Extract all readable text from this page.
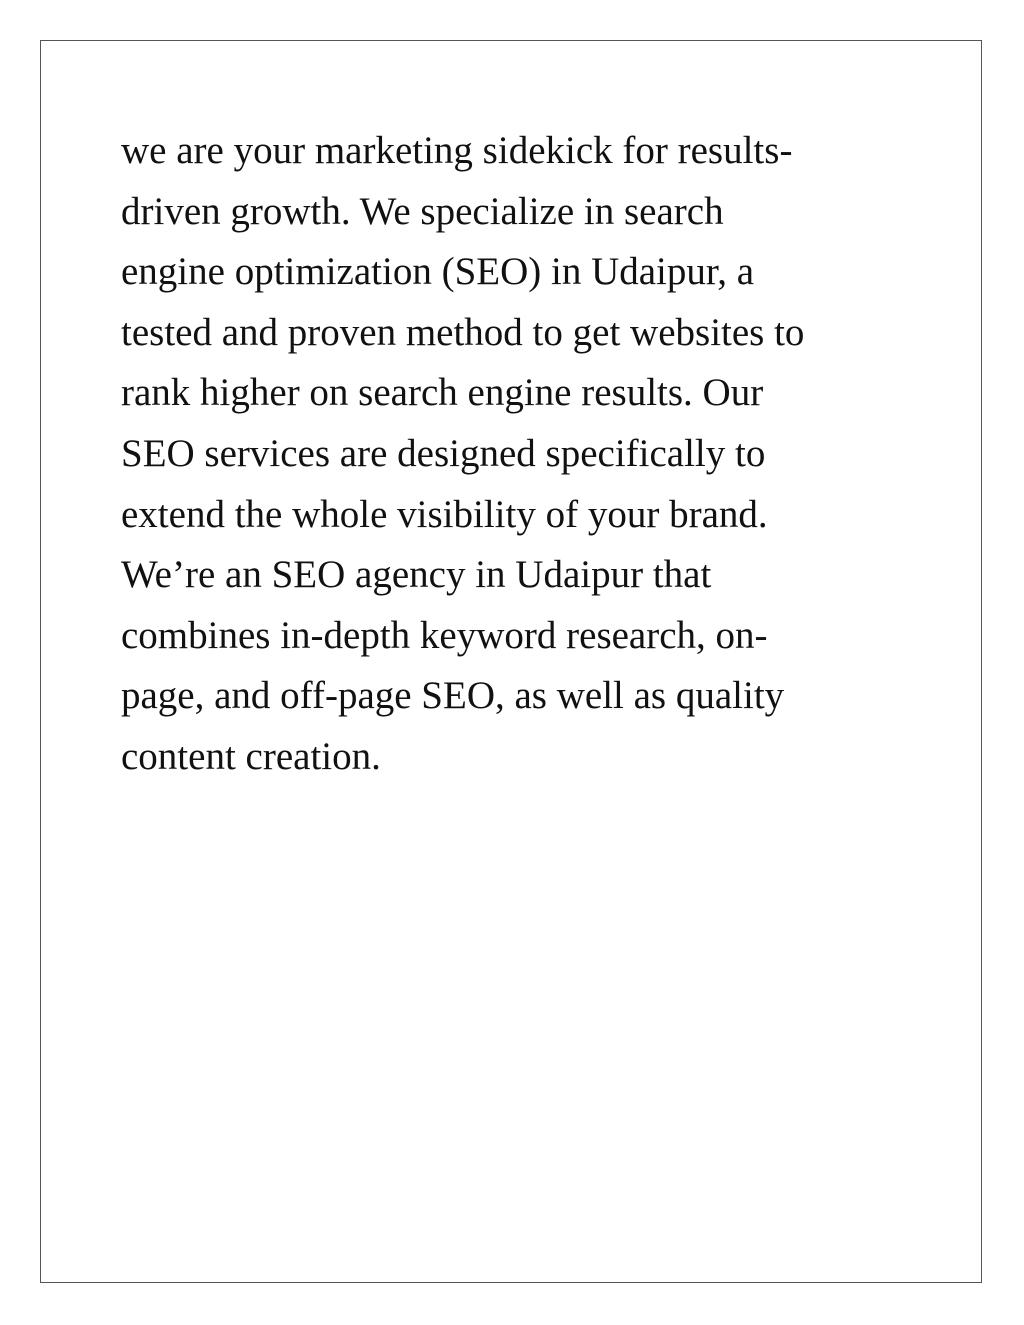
we are your marketing sidekick for results-
driven growth. We specialize in search
engine optimization (SEO) in Udaipur, a
tested and proven method to get websites to
rank higher on search engine results. Our
SEO services are designed specifically to
extend the whole visibility of your brand.
We’re an SEO agency in Udaipur that
combines in-depth keyword research, on-
page, and off-page SEO, as well as quality
content creation.
